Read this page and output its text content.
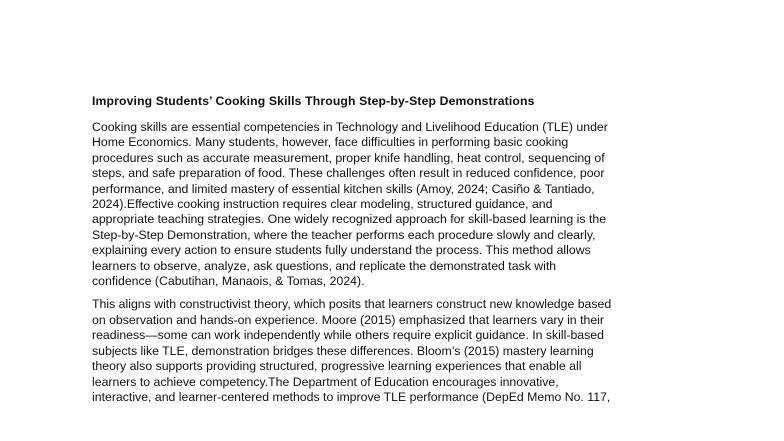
Improving Students’ Cooking Skills Through Step-by-Step Demonstrations
Cooking skills are essential competencies in Technology and Livelihood Education (TLE) under
Home Economics. Many students, however, face difficulties in performing basic cooking
procedures such as accurate measurement, proper knife handling, heat control, sequencing of
steps, and safe preparation of food. These challenges often result in reduced confidence, poor
performance, and limited mastery of essential kitchen skills (Amoy, 2024; Casiño & Tantiado,
2024).Effective cooking instruction requires clear modeling, structured guidance, and
appropriate teaching strategies. One widely recognized approach for skill-based learning is the
Step-by-Step Demonstration, where the teacher performs each procedure slowly and clearly,
explaining every action to ensure students fully understand the process. This method allows
learners to observe, analyze, ask questions, and replicate the demonstrated task with
confidence (Cabutihan, Manaois, & Tomas, 2024).
This aligns with constructivist theory, which posits that learners construct new knowledge based
on observation and hands-on experience. Moore (2015) emphasized that learners vary in their
readiness—some can work independently while others require explicit guidance. In skill-based
subjects like TLE, demonstration bridges these differences. Bloom’s (2015) mastery learning
theory also supports providing structured, progressive learning experiences that enable all
learners to achieve competency.The Department of Education encourages innovative,
interactive, and learner-centered methods to improve TLE performance (DepEd Memo No. 117,
